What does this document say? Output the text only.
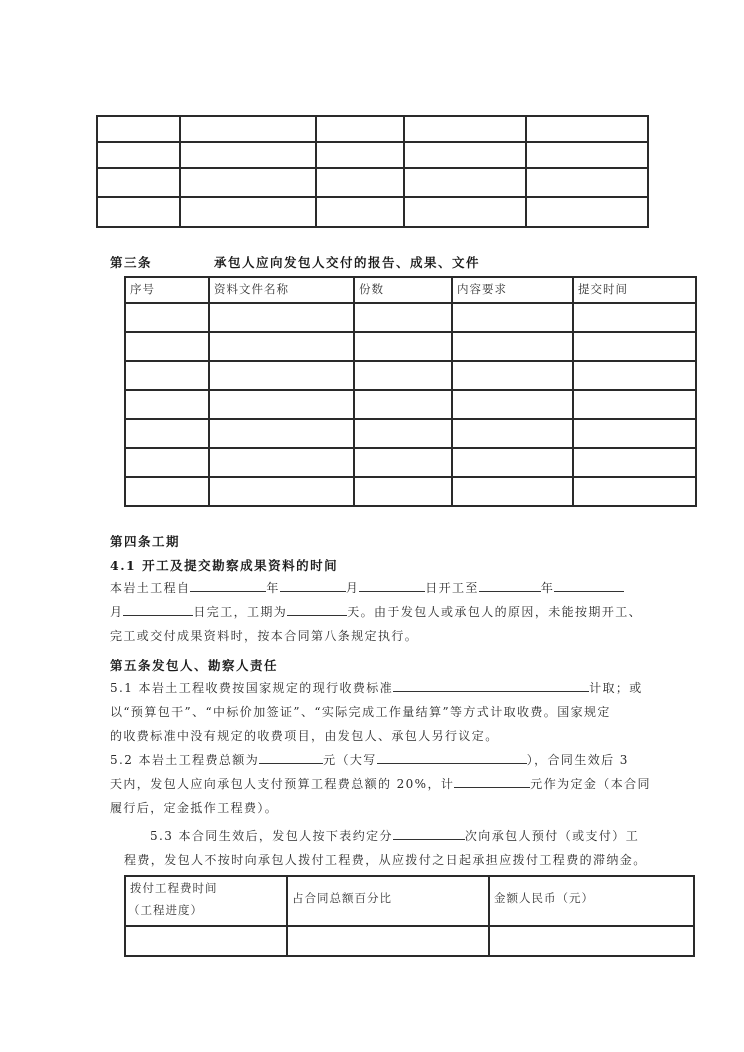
第三条	承包人应向发包人交付的报告、成果、文件
序号	资料文件名称	份数	内容要求	提交时间

第四条工期
4.1 开工及提交勘察成果资料的时间
本岩土工程自	年	月	日开工至	年
月	日完工，工期为	天。由于发包人或承包人的原因，未能按期开工、
完工或交付成果资料时，按本合同第八条规定执行。
第五条发包人、勘察人责任
5.1 本岩土工程收费按国家规定的现行收费标准	计取；或
以“预算包干”、“中标价加签证”、“实际完成工作量结算”等方式计取收费。国家规定
的收费标准中没有规定的收费项目，由发包人、承包人另行议定。
5.2 本岩土工程费总额为	元（大写	），合同生效后 3
天内，发包人应向承包人支付预算工程费总额的 20%，计	元作为定金（本合同
履行后，定金抵作工程费）。
5.3 本合同生效后，发包人按下表约定分	次向承包人预付（或支付）工
程费，发包人不按时向承包人拨付工程费，从应拨付之日起承担应拨付工程费的滞纳金。
拨付工程费时间
（工程进度）	占合同总额百分比	金额人民币（元）
